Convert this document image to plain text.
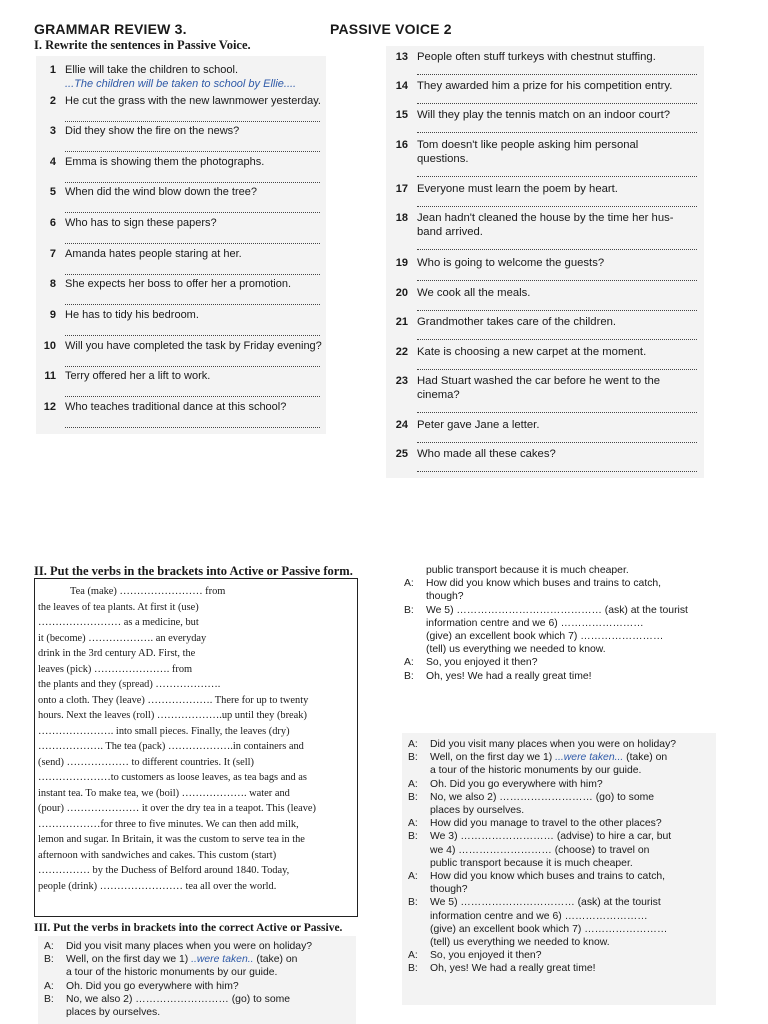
GRAMMAR REVIEW 3.	PASSIVE VOICE 2
I. Rewrite the sentences in Passive Voice.
1 Ellie will take the children to school.
...The children will be taken to school by Ellie....
2 He cut the grass with the new lawnmower yesterday.
3 Did they show the fire on the news?
4 Emma is showing them the photographs.
5 When did the wind blow down the tree?
6 Who has to sign these papers?
7 Amanda hates people staring at her.
8 She expects her boss to offer her a promotion.
9 He has to tidy his bedroom.
10 Will you have completed the task by Friday evening?
11 Terry offered her a lift to work.
12 Who teaches traditional dance at this school?
13 People often stuff turkeys with chestnut stuffing.
14 They awarded him a prize for his competition entry.
15 Will they play the tennis match on an indoor court?
16 Tom doesn't like people asking him personal
questions.
17 Everyone must learn the poem by heart.
18 Jean hadn't cleaned the house by the time her hus-
band arrived.
19 Who is going to welcome the guests?
20 We cook all the meals.
21 Grandmother takes care of the children.
22 Kate is choosing a new carpet at the moment.
23 Had Stuart washed the car before he went to the
cinema?
24 Peter gave Jane a letter.
25 Who made all these cakes?
II. Put the verbs in the brackets into Active or Passive form.
Tea (make) …………………… from
the leaves of tea plants. At first it (use)
…………………… as a medicine, but
it (become) ………………. an everyday
drink in the 3rd century AD. First, the
leaves (pick) …………………. from
the plants and they (spread) ……………….
onto a cloth. They (leave) ………………. There for up to twenty
hours. Next the leaves (roll) ……………….up until they (break)
…………………. into small pieces. Finally, the leaves (dry)
………………. The tea (pack) ……………….in containers and
(send) ……………… to different countries. It (sell)
…………………to customers as loose leaves, as tea bags and as
instant tea. To make tea, we (boil) ………………. water and
(pour) ………………… it over the dry tea in a teapot. This (leave)
………………for three to five minutes. We can then add milk,
lemon and sugar. In Britain, it was the custom to serve tea in the
afternoon with sandwiches and cakes. This custom (start)
…………… by the Duchess of Belford around 1840. Today,
people (drink) …………………… tea all over the world.
III. Put the verbs in brackets into the correct Active or Passive.
public transport because it is much cheaper.
A:	How did you know which buses and trains to catch,
though?
B:	We 5) …………………………………… (ask) at the tourist
information centre and we 6) ……………………
(give) an excellent book which 7) ……………………
(tell) us everything we needed to know.
A:	So, you enjoyed it then?
B:	Oh, yes! We had a really great time!
A:	Did you visit many places when you were on holiday?
B:	Well, on the first day we 1) ...were taken... (take) on
a tour of the historic monuments by our guide.
A:	Oh. Did you go everywhere with him?
B:	No, we also 2) ……………………… (go) to some
places by ourselves.
A:	How did you manage to travel to the other places?
B:	We 3) ……………………… (advise) to hire a car, but
we 4) ……………………… (choose) to travel on
public transport because it is much cheaper.
A:	How did you know which buses and trains to catch,
though?
B:	We 5) …………………………… (ask) at the tourist
information centre and we 6) ……………………
(give) an excellent book which 7) ……………………
(tell) us everything we needed to know.
A:	So, you enjoyed it then?
B:	Oh, yes! We had a really great time!
A:	Did you visit many places when you were on holiday?
B:	Well, on the first day we 1) ..were taken.. (take) on
a tour of the historic monuments by our guide.
A:	Oh. Did you go everywhere with him?
B:	No, we also 2) ……………………… (go) to some
places by ourselves.
